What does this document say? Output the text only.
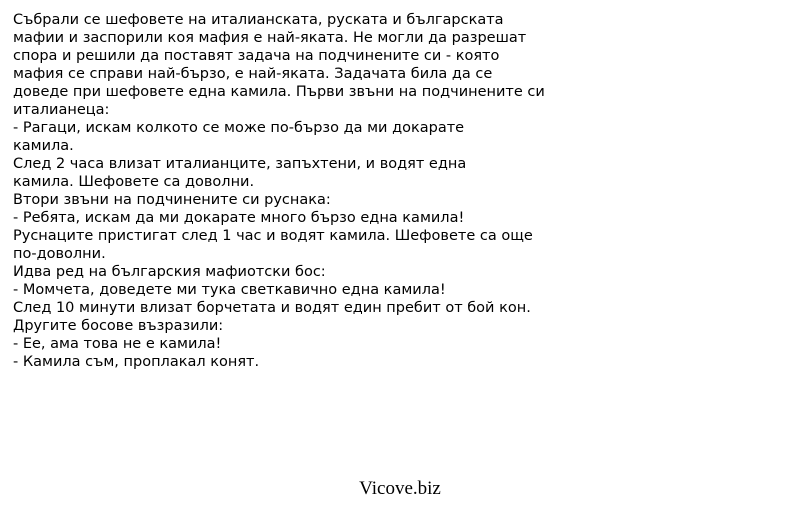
Събрали се шефовете на италианската, руската и българската
мафии и заспорили коя мафия е най-яката. Не могли да разрешат
спора и решили да поставят задача на подчинените си - която
мафия се справи най-бързо, е най-яката. Задачата била да се
доведе при шефовете една камила. Първи звъни на подчинените си
италианеца:
- Рагаци, искам колкото се може по-бързо да ми докарате
камила.
След 2 часа влизат италианците, запъхтени, и водят една
камила. Шефовете са доволни.
Втори звъни на подчинените си руснака:
- Ребята, искам да ми докарате много бързо една камила!
Руснаците пристигат след 1 час и водят камила. Шефовете са още
по-доволни.
Идва ред на българския мафиотски бос:
- Момчета, доведете ми тука светкавично една камила!
След 10 минути влизат борчетата и водят един пребит от бой кон.
Другите босове възразили:
- Ее, ама това не е камила!
- Камила съм, проплакал конят.
Vicove.biz
